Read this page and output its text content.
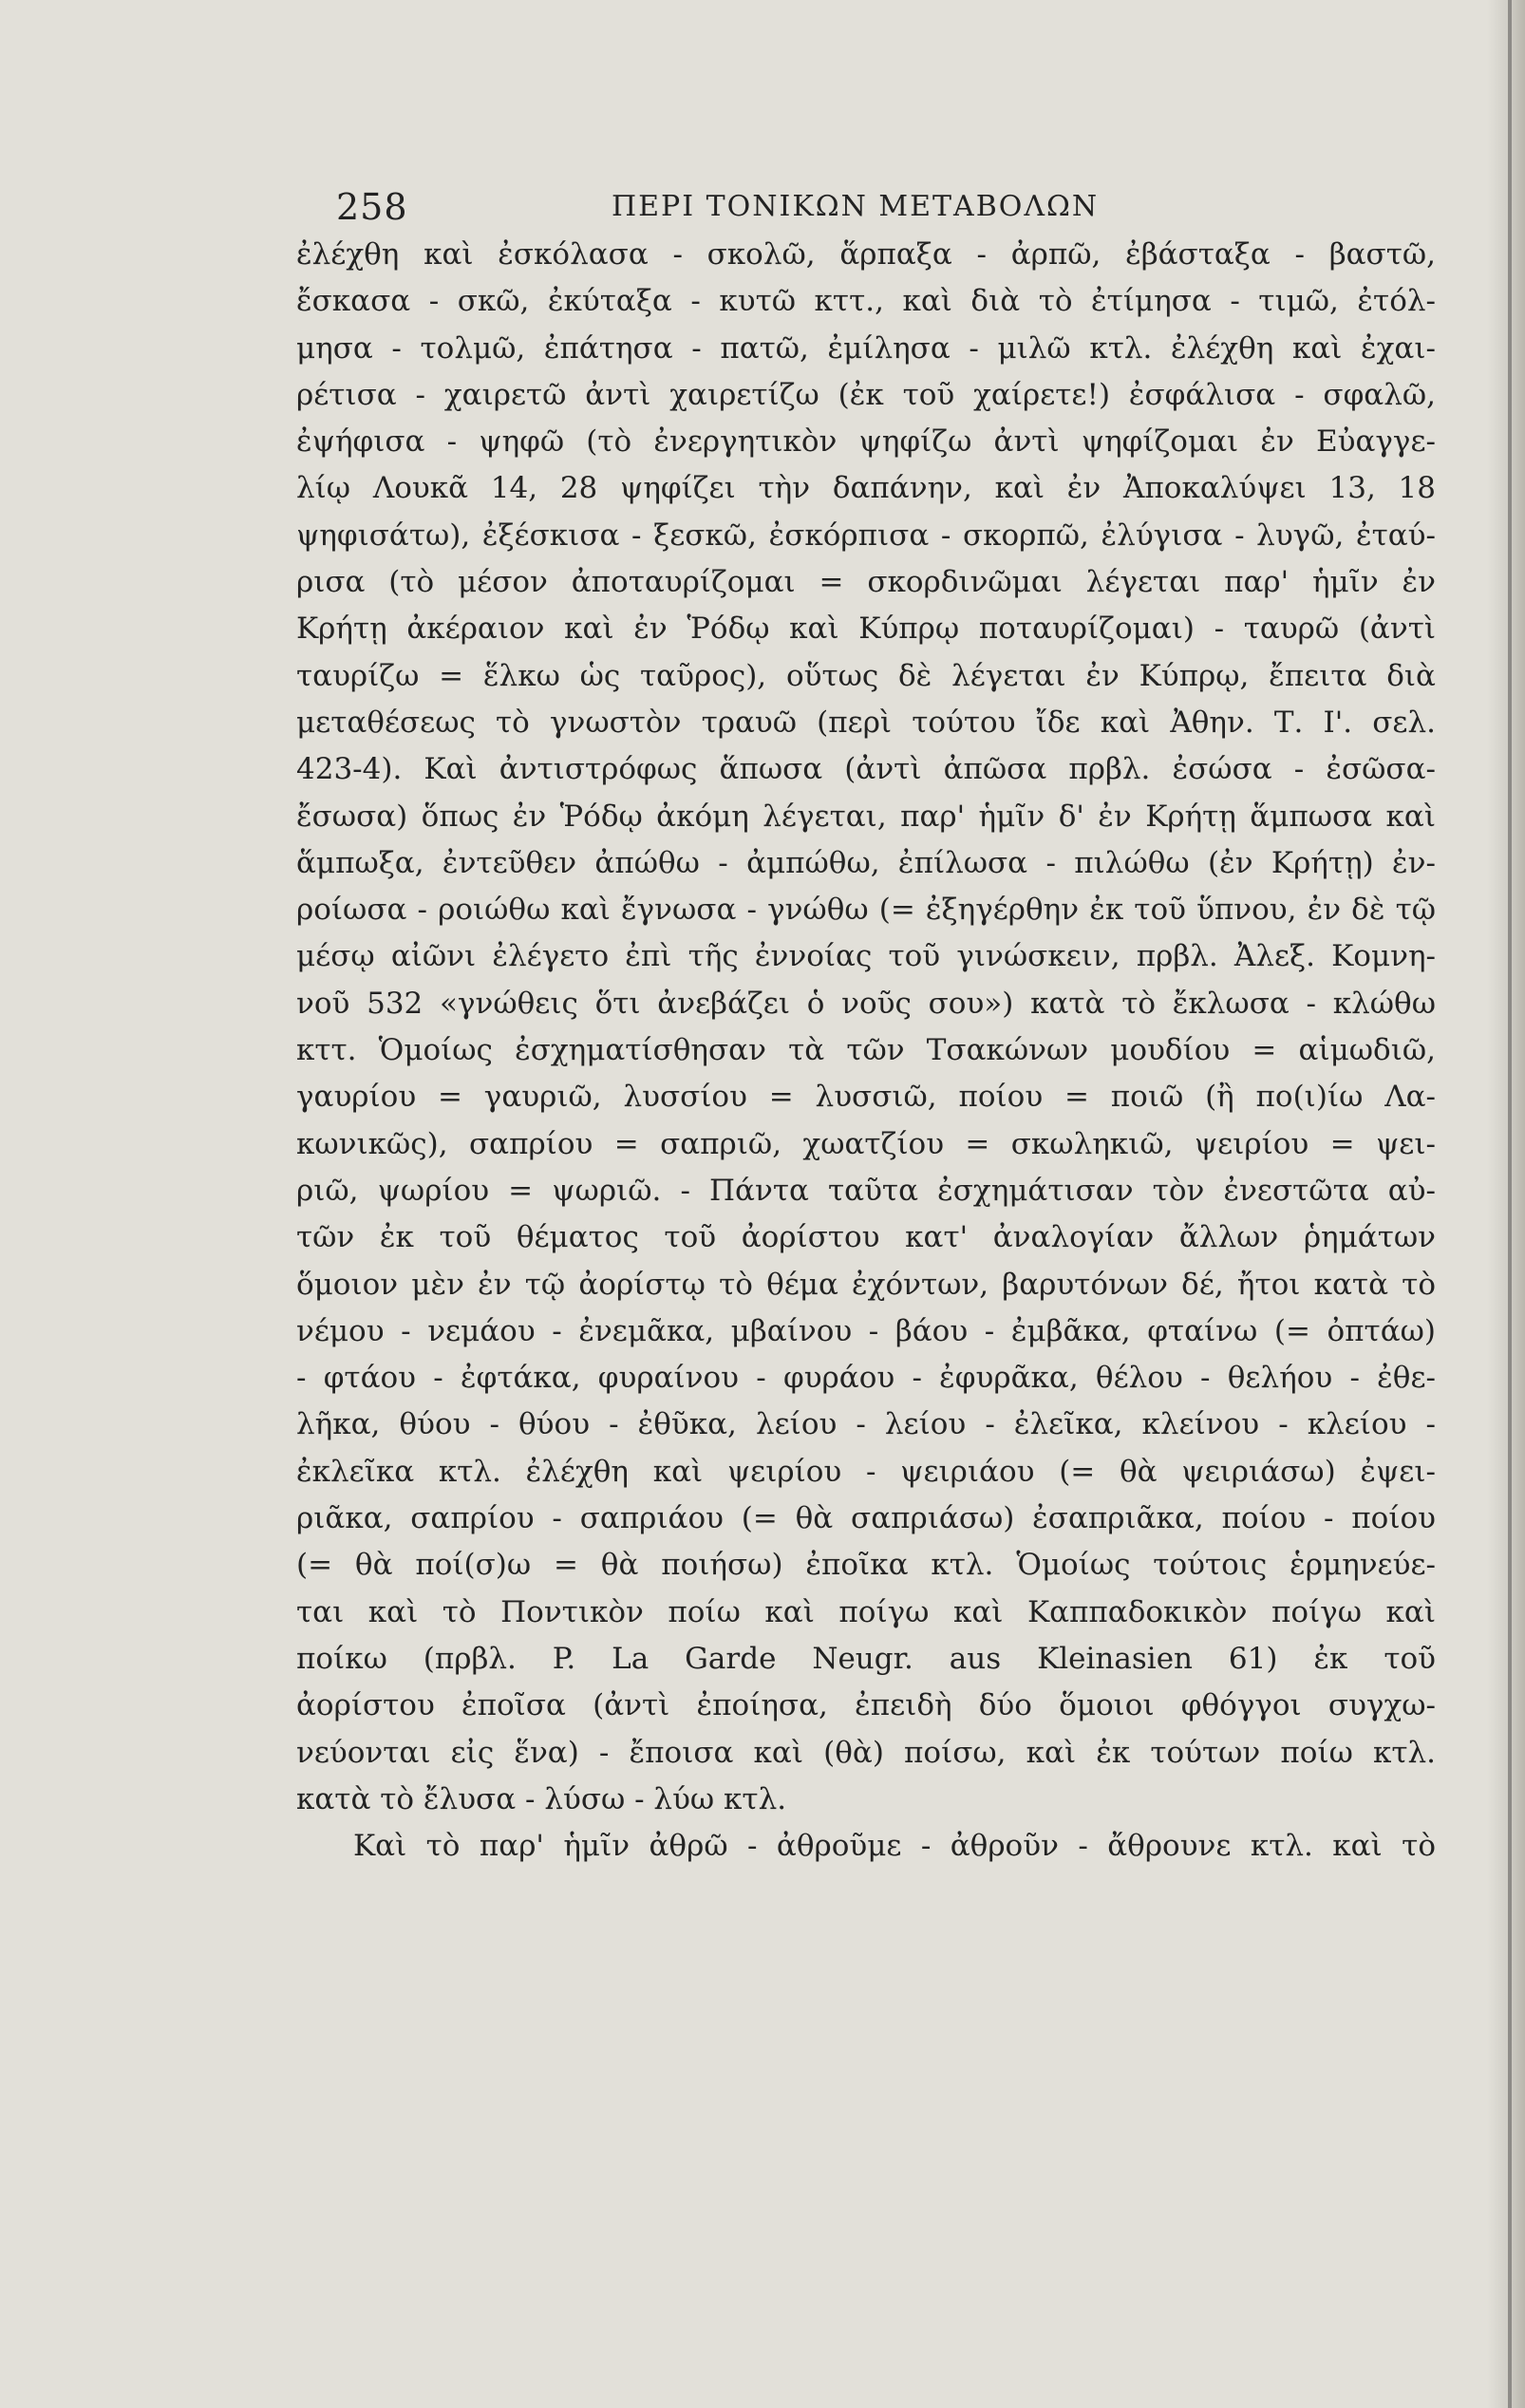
258	ΠΕΡΙ ΤΟΝΙΚΩΝ ΜΕΤΑΒΟΛΩΝ
ἐλέχθη καὶ ἐσκόλασα - σκολῶ, ἅρπαξα - ἀρπῶ, ἐβάσταξα - βαστῶ,
ἔσκασα - σκῶ, ἐκύταξα - κυτῶ κττ., καὶ διὰ τὸ ἐτίμησα - τιμῶ, ἐτόλ-
μησα - τολμῶ, ἐπάτησα - πατῶ, ἐμίλησα - μιλῶ κτλ. ἐλέχθη καὶ ἐχαι-
ρέτισα - χαιρετῶ ἀντὶ χαιρετίζω (ἐκ τοῦ χαίρετε!) ἐσφάλισα - σφαλῶ,
ἐψήφισα - ψηφῶ (τὸ ἐνεργητικὸν ψηφίζω ἀντὶ ψηφίζομαι ἐν Εὐαγγε-
λίῳ Λουκᾶ 14, 28 ψηφίζει τὴν δαπάνην, καὶ ἐν Ἀποκαλύψει 13, 18
ψηφισάτω), ἐξέσκισα - ξεσκῶ, ἐσκόρπισα - σκορπῶ, ἐλύγισα - λυγῶ, ἐταύ-
ρισα (τὸ μέσον ἀποταυρίζομαι = σκορδινῶμαι λέγεται παρ' ἡμῖν ἐν
Κρήτῃ ἀκέραιον καὶ ἐν Ῥόδῳ καὶ Κύπρῳ ποταυρίζομαι) - ταυρῶ (ἀντὶ
ταυρίζω = ἕλκω ὡς ταῦρος), οὕτως δὲ λέγεται ἐν Κύπρῳ, ἔπειτα διὰ
μεταθέσεως τὸ γνωστὸν τραυῶ (περὶ τούτου ἴδε καὶ Ἀθην. Τ. Ι'. σελ.
423-4). Καὶ ἀντιστρόφως ἅπωσα (ἀντὶ ἀπῶσα πρβλ. ἐσώσα - ἐσῶσα-
ἔσωσα) ὅπως ἐν Ῥόδῳ ἀκόμη λέγεται, παρ' ἡμῖν δ' ἐν Κρήτῃ ἅμπωσα καὶ
ἅμπωξα, ἐντεῦθεν ἀπώθω - ἀμπώθω, ἐπίλωσα - πιλώθω (ἐν Κρήτῃ) ἐν-
ροίωσα - ροιώθω καὶ ἔγνωσα - γνώθω (= ἐξηγέρθην ἐκ τοῦ ὕπνου, ἐν δὲ τῷ
μέσῳ αἰῶνι ἐλέγετο ἐπὶ τῆς ἐννοίας τοῦ γινώσκειν, πρβλ. Ἀλεξ. Κομνη-
νοῦ 532 «γνώθεις ὅτι ἀνεβάζει ὁ νοῦς σου») κατὰ τὸ ἔκλωσα - κλώθω
κττ. Ὁμοίως ἐσχηματίσθησαν τὰ τῶν Τσακώνων μουδίου = αἱμωδιῶ,
γαυρίου = γαυριῶ, λυσσίου = λυσσιῶ, ποίου = ποιῶ (ἢ πο(ι)ίω Λα-
κωνικῶς), σαπρίου = σαπριῶ, χωατζίου = σκωληκιῶ, ψειρίου = ψει-
ριῶ, ψωρίου = ψωριῶ. - Πάντα ταῦτα ἐσχημάτισαν τὸν ἐνεστῶτα αὐ-
τῶν ἐκ τοῦ θέματος τοῦ ἀορίστου κατ' ἀναλογίαν ἄλλων ῥημάτων
ὅμοιον μὲν ἐν τῷ ἀορίστῳ τὸ θέμα ἐχόντων, βαρυτόνων δέ, ἤτοι κατὰ τὸ
νέμου - νεμάου - ἐνεμᾶκα, μβαίνου - βάου - ἐμβᾶκα, φταίνω (= ὀπτάω)
- φτάου - ἐφτάκα, φυραίνου - φυράου - ἐφυρᾶκα, θέλου - θελήου - ἐθε-
λῆκα, θύου - θύου - ἐθῦκα, λείου - λείου - ἐλεῖκα, κλείνου - κλείου -
ἐκλεῖκα κτλ. ἐλέχθη καὶ ψειρίου - ψειριάου (= θὰ ψειριάσω) ἐψει-
ριᾶκα, σαπρίου - σαπριάου (= θὰ σαπριάσω) ἐσαπριᾶκα, ποίου - ποίου
(= θὰ ποί(σ)ω = θὰ ποιήσω) ἐποῖκα κτλ. Ὁμοίως τούτοις ἑρμηνεύε-
ται καὶ τὸ Ποντικὸν ποίω καὶ ποίγω καὶ Καππαδοκικὸν ποίγω καὶ
ποίκω (πρβλ. P. La Garde Neugr. aus Kleinasien 61) ἐκ τοῦ
ἀορίστου ἐποῖσα (ἀντὶ ἐποίησα, ἐπειδὴ δύο ὅμοιοι φθόγγοι συγχω-
νεύονται εἰς ἕνα) - ἔποισα καὶ (θὰ) ποίσω, καὶ ἐκ τούτων ποίω κτλ.
κατὰ τὸ ἔλυσα - λύσω - λύω κτλ.
Καὶ τὸ παρ' ἡμῖν ἀθρῶ - ἀθροῦμε - ἀθροῦν - ἄθρουνε κτλ. καὶ τὸ
